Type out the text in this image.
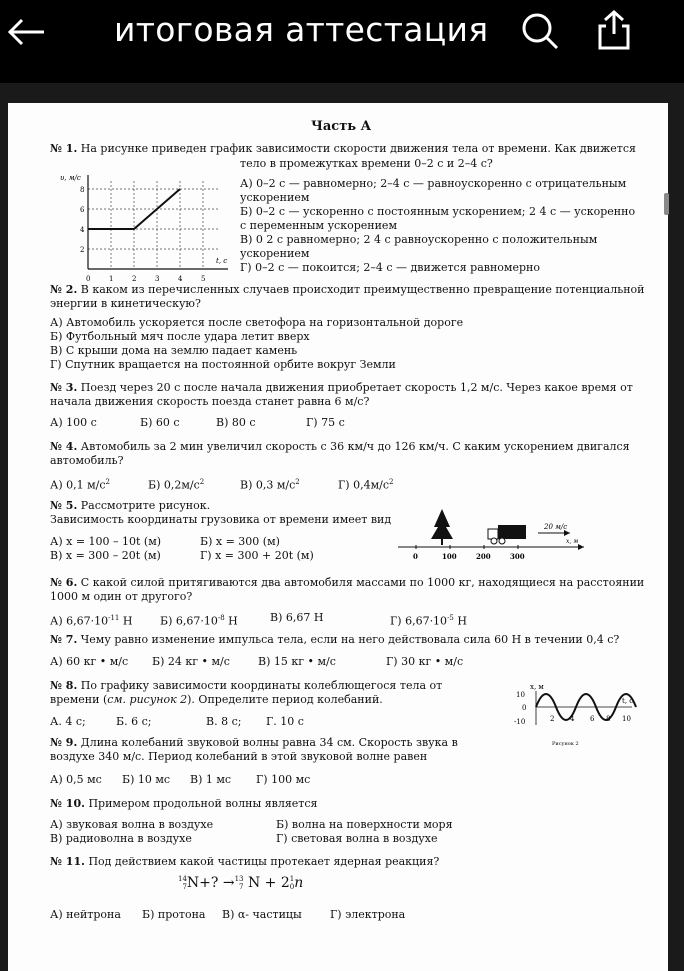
итоговая аттестация
Часть А
№ 1. На рисунке приведен график зависимости скорости движения тела от времени. Как движется
тело в промежутках времени 0–2 с и 2–4 с?
υ, м/с
t, с
8
6
4
2
0	1	2	3	4	5
А) 0–2 с — равномерно; 2–4 с — равноускоренно с отрицательным
ускорением
Б) 0–2 с — ускоренно с постоянным ускорением; 2 4 с — ускоренно
с переменным ускорением
В) 0 2 с равномерно; 2 4 с равноускоренно с положительным
ускорением
Г) 0–2 с — покоится; 2–4 с — движется равномерно
№ 2. В каком из перечисленных случаев происходит преимущественно превращение потенциальной
энергии в кинетическую?
А) Автомобиль ускоряется после светофора на горизонтальной дороге
Б) Футбольный мяч после удара летит вверх
В) С крыши дома на землю падает камень
Г) Спутник вращается на постоянной орбите вокруг Земли
№ 3. Поезд через 20 с после начала движения приобретает скорость 1,2 м/с. Через какое время от
начала движения скорость поезда станет равна 6 м/с?
А) 100 с	Б) 60 с	В) 80 с	Г) 75 с
№ 4. Автомобиль за 2 мин увеличил скорость с 36 км/ч до 126 км/ч. С каким ускорением двигался
автомобиль?
А) 0,1 $м/с^2$	Б) $0,2м/с^2$	В) 0,3 $м/с^2$	Г) $0,4м/с^2$
№ 5. Рассмотрите рисунок.
Зависимость координаты грузовика от времени имеет вид
А) x = 100 – 10t (м)	Б) x = 300 (м)
В) x = 300 – 20t (м)	Г) x = 300 + 20t (м)
20 м/с
x, м
0	100	200	300
№ 6. С какой силой притягиваются два автомобиля массами по 1000 кг, находящиеся на расстоянии
1000 м один от другого?
А) $6,67\cdot 10^{-11}$ Н	Б) $6,67\cdot 10^{-8}$ Н	В) 6,67 Н	Г) $6,67\cdot 10^{-5}$ Н
№ 7. Чему равно изменение импульса тела, если на него действовала сила 60 Н в течении 0,4 с?
А) 60 кг • м/с Б) 24 кг • м/с	В) 15 кг • м/с	Г) 30 кг • м/с
№ 8. По графику зависимости координаты колеблющегося тела от
времени (см. рисунок 2). Определите период колебаний.
А. 4 с;	Б. 6 с;	В. 8 с; Г. 10 с
x, м
t, c
10
0
-10	2 4 6 8 10
Рисунок 2
№ 9. Длина колебаний звуковой волны равна 34 см. Скорость звука в
воздухе 340 м/с. Период колебаний в этой звуковой волне равен
А) 0,5 мс Б) 10 мс В) 1 мс Г) 100 мс
№ 10. Примером продольной волны является
А) звуковая волна в воздухе	Б) волна на поверхности моря
В) радиоволна в воздухе	Г) световая волна в воздухе
№ 11. Под действием какой частицы протекает ядерная реакция?
14
7N+? →13
7 N + 21
0n
А) нейтрона Б) протона В) α- частицы	Г) электрона
